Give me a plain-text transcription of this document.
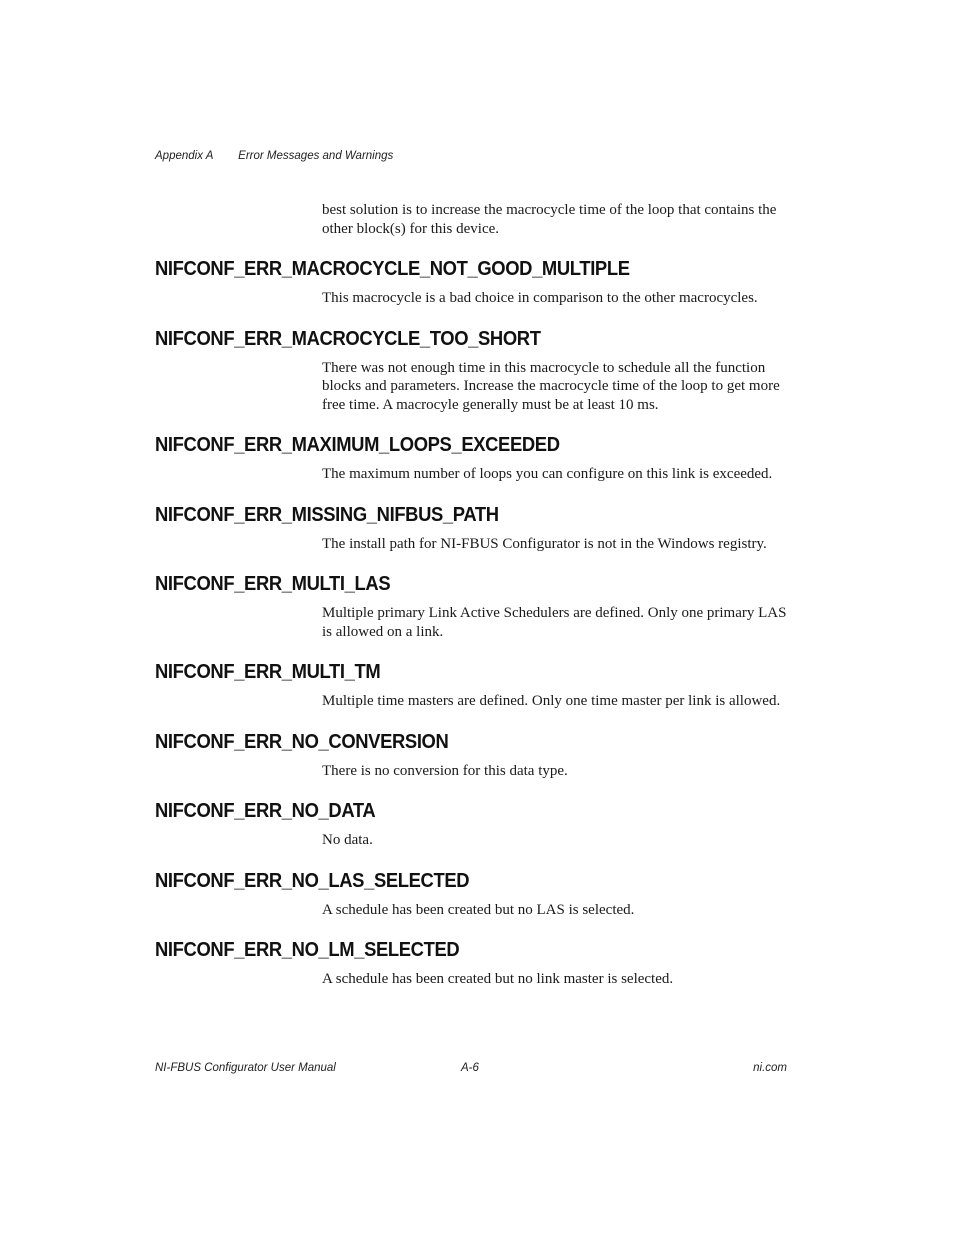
Appendix A Error Messages and Warnings
best solution is to increase the macrocycle time of the loop that contains the other block(s) for this device.
NIFCONF_ERR_MACROCYCLE_NOT_GOOD_MULTIPLE
This macrocycle is a bad choice in comparison to the other macrocycles.
NIFCONF_ERR_MACROCYCLE_TOO_SHORT
There was not enough time in this macrocycle to schedule all the function blocks and parameters. Increase the macrocycle time of the loop to get more free time. A macrocyle generally must be at least 10 ms.
NIFCONF_ERR_MAXIMUM_LOOPS_EXCEEDED
The maximum number of loops you can configure on this link is exceeded.
NIFCONF_ERR_MISSING_NIFBUS_PATH
The install path for NI-FBUS Configurator is not in the Windows registry.
NIFCONF_ERR_MULTI_LAS
Multiple primary Link Active Schedulers are defined. Only one primary LAS is allowed on a link.
NIFCONF_ERR_MULTI_TM
Multiple time masters are defined. Only one time master per link is allowed.
NIFCONF_ERR_NO_CONVERSION
There is no conversion for this data type.
NIFCONF_ERR_NO_DATA
No data.
NIFCONF_ERR_NO_LAS_SELECTED
A schedule has been created but no LAS is selected.
NIFCONF_ERR_NO_LM_SELECTED
A schedule has been created but no link master is selected.
NI-FBUS Configurator User Manual	A-6	ni.com
